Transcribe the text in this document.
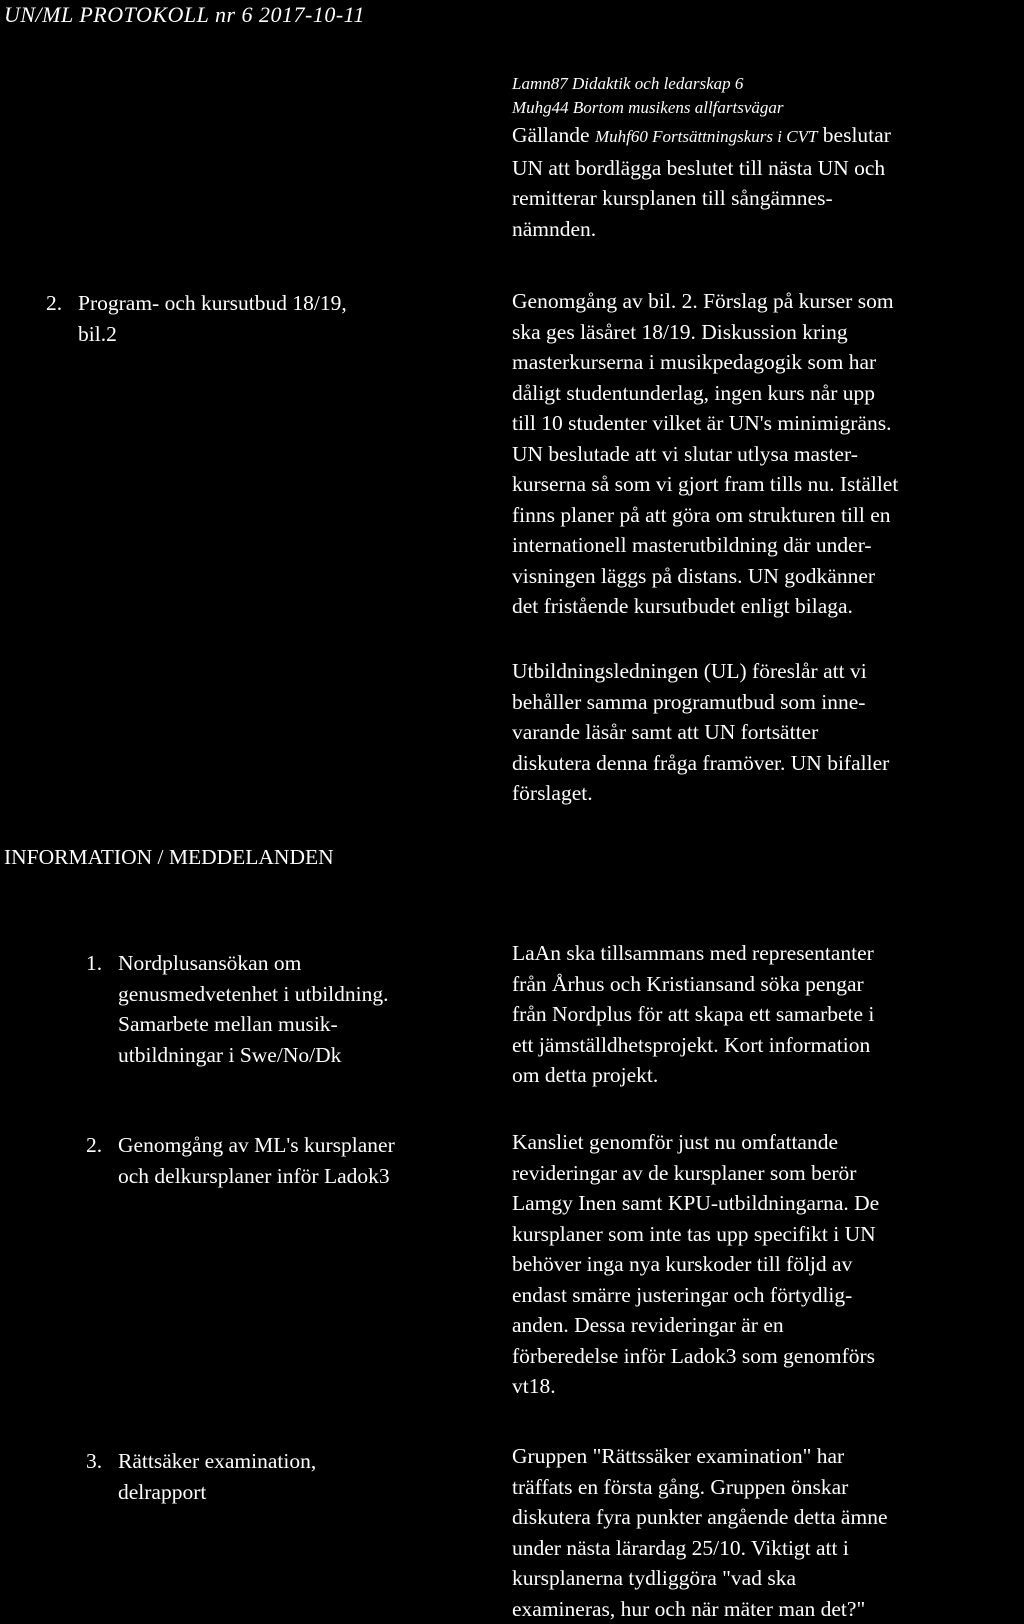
UN/ML PROTOKOLL nr 6 2017-10-11
Lamn87 Didaktik och ledarskap 6
Muhg44 Bortom musikens allfartsvägar
Gällande Muhf60 Fortsättningskurs i CVT beslutar
UN att bordlägga beslutet till nästa UN och
remitterar kursplanen till sångämnes-
nämnden.
2. Program- och kursutbud 18/19,
bil.2
Genomgång av bil. 2. Förslag på kurser som
ska ges läsåret 18/19. Diskussion kring
masterkurserna i musikpedagogik som har
dåligt studentunderlag, ingen kurs når upp
till 10 studenter vilket är UN's minimigräns.
UN beslutade att vi slutar utlysa master-
kurserna så som vi gjort fram tills nu. Istället
finns planer på att göra om strukturen till en
internationell masterutbildning där under-
visningen läggs på distans. UN godkänner
det fristående kursutbudet enligt bilaga.
Utbildningsledningen (UL) föreslår att vi
behåller samma programutbud som inne-
varande läsår samt att UN fortsätter
diskutera denna fråga framöver. UN bifaller
förslaget.
INFORMATION / MEDDELANDEN
1. Nordplusansökan om
genusmedvetenhet i utbildning.
Samarbete mellan musik-
utbildningar i Swe/No/Dk
LaAn ska tillsammans med representanter
från Århus och Kristiansand söka pengar
från Nordplus för att skapa ett samarbete i
ett jämställdhetsprojekt. Kort information
om detta projekt.
2. Genomgång av ML's kursplaner
och delkursplaner inför Ladok3
Kansliet genomför just nu omfattande
revideringar av de kursplaner som berör
Lamgy Inen samt KPU-utbildningarna. De
kursplaner som inte tas upp specifikt i UN
behöver inga nya kurskoder till följd av
endast smärre justeringar och förtydlig-
anden. Dessa revideringar är en
förberedelse inför Ladok3 som genomförs
vt18.
3. Rättsäker examination,
delrapport
Gruppen "Rättssäker examination" har
träffats en första gång. Gruppen önskar
diskutera fyra punkter angående detta ämne
under nästa lärardag 25/10. Viktigt att i
kursplanerna tydliggöra "vad ska
examineras, hur och när mäter man det?"
